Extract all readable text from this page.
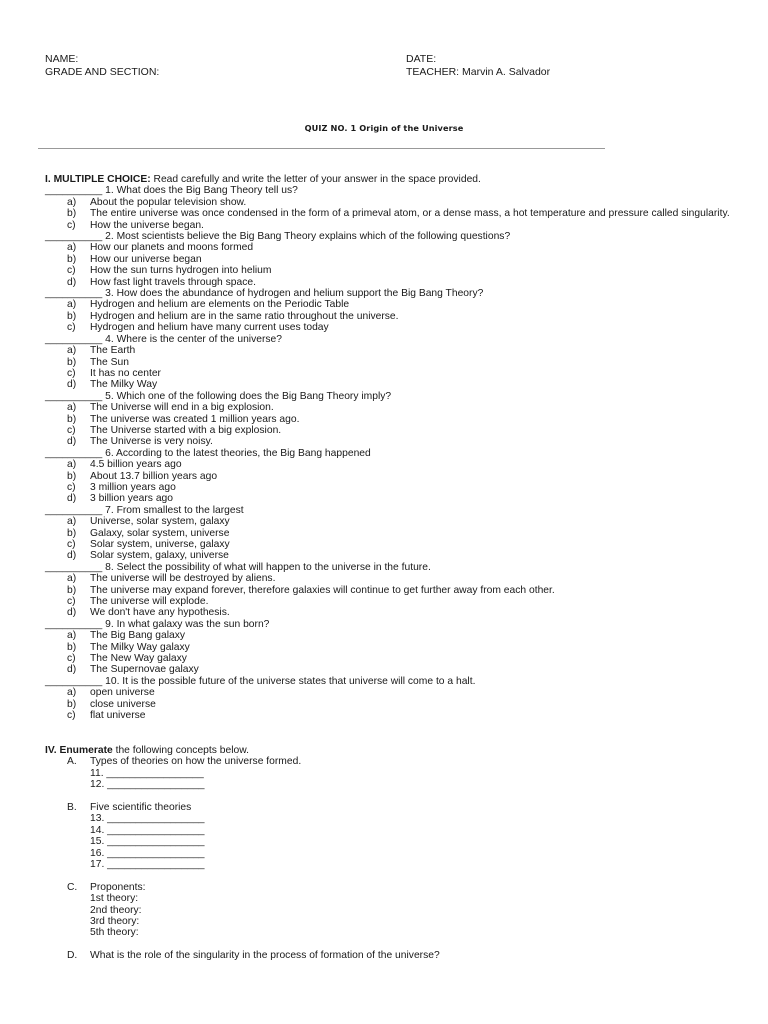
NAME:	DATE:
GRADE AND SECTION:	TEACHER: Marvin A. Salvador
QUIZ NO. 1 Origin of the Universe
I. MULTIPLE CHOICE: Read carefully and write the letter of your answer in the space provided.
__________ 1. What does the Big Bang Theory tell us?
a)	About the popular television show.
b)	The entire universe was once condensed in the form of a primeval atom, or a dense mass, a hot temperature and pressure called singularity.
c)	How the universe began.
__________ 2. Most scientists believe the Big Bang Theory explains which of the following questions?
a)	How our planets and moons formed
b)	How our universe began
c)	How the sun turns hydrogen into helium
d)	How fast light travels through space.
__________ 3. How does the abundance of hydrogen and helium support the Big Bang Theory?
a)	Hydrogen and helium are elements on the Periodic Table
b)	Hydrogen and helium are in the same ratio throughout the universe.
c)	Hydrogen and helium have many current uses today
__________ 4. Where is the center of the universe?
a)	The Earth
b)	The Sun
c)	It has no center
d)	The Milky Way
__________ 5. Which one of the following does the Big Bang Theory imply?
a)	The Universe will end in a big explosion.
b)	The universe was created 1 million years ago.
c)	The Universe started with a big explosion.
d)	The Universe is very noisy.
__________ 6. According to the latest theories, the Big Bang happened
a)	4.5 billion years ago
b)	About 13.7 billion years ago
c)	3 million years ago
d)	3 billion years ago
__________ 7. From smallest to the largest
a)	Universe, solar system, galaxy
b)	Galaxy, solar system, universe
c)	Solar system, universe, galaxy
d)	Solar system, galaxy, universe
__________ 8. Select the possibility of what will happen to the universe in the future.
a)	The universe will be destroyed by aliens.
b)	The universe may expand forever, therefore galaxies will continue to get further away from each other.
c)	The universe will explode.
d)	We don't have any hypothesis.
__________ 9. In what galaxy was the sun born?
a)	The Big Bang galaxy
b)	The Milky Way galaxy
c)	The New Way galaxy
d)	The Supernovae galaxy
__________ 10. It is the possible future of the universe states that universe will come to a halt.
a)	open universe
b)	close universe
c)	flat universe
IV. Enumerate the following concepts below.
A.	Types of theories on how the universe formed.
11. _________________
12. _________________
B.	Five scientific theories
13. _________________
14. _________________
15. _________________
16. _________________
17. _________________
C.	Proponents:
1st theory:
2nd theory:
3rd theory:
5th theory:
D.	What is the role of the singularity in the process of formation of the universe?
